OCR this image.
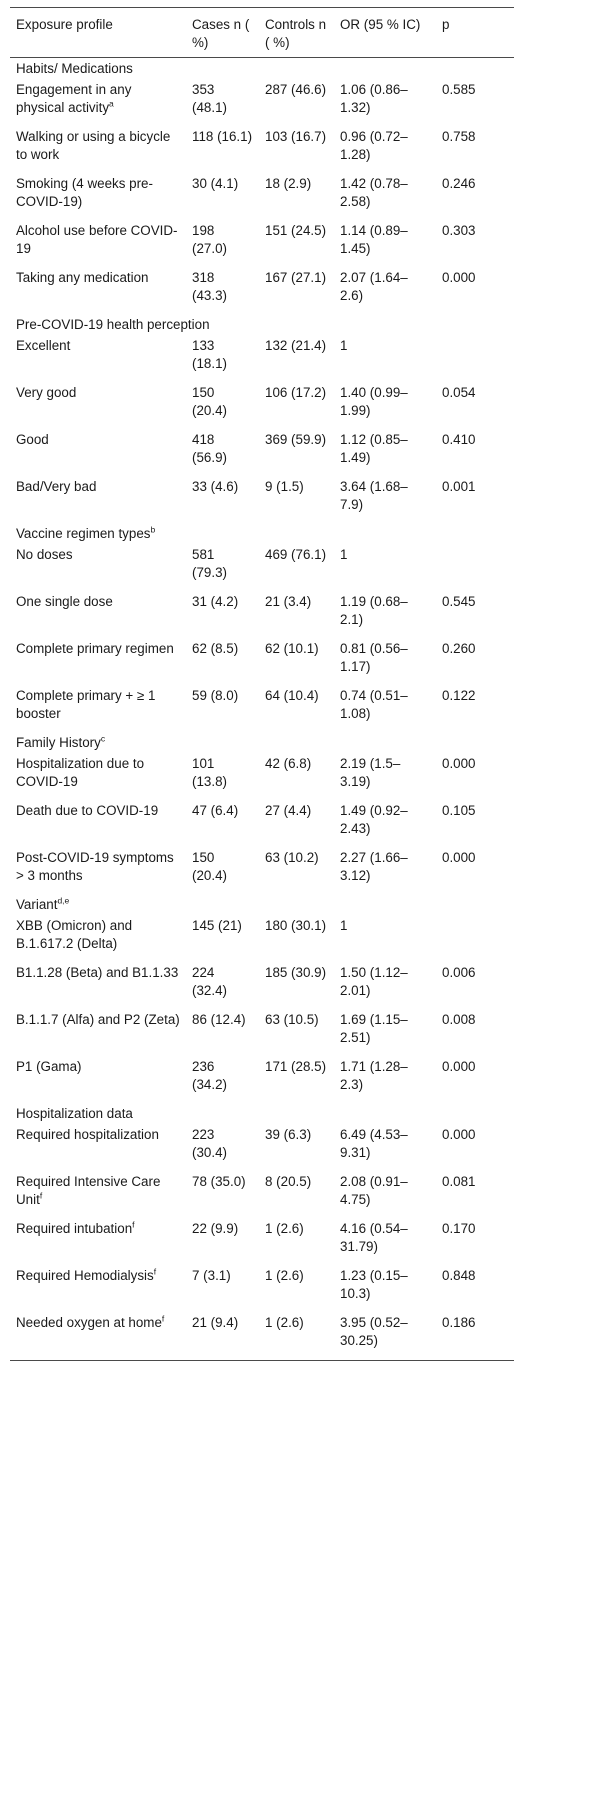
Exposure profile	Cases n ( %)	Controls n ( %)	OR (95 % IC)	p
Habits/ Medications				
Engagement in any physical activity$^a$	353 (48.1)	287 (46.6)	1.06 (0.86–1.32)	0.585
Walking or using a bicycle to work	118 (16.1)	103 (16.7)	0.96 (0.72–1.28)	0.758
Smoking (4 weeks pre-COVID-19)	30 (4.1)	18 (2.9)	1.42 (0.78–2.58)	0.246
Alcohol use before COVID-19	198 (27.0)	151 (24.5)	1.14 (0.89–1.45)	0.303
Taking any medication	318 (43.3)	167 (27.1)	2.07 (1.64–2.6)	0.000
Pre-COVID-19 health perception				
Excellent	133 (18.1)	132 (21.4)	1	
Very good	150 (20.4)	106 (17.2)	1.40 (0.99–1.99)	0.054
Good	418 (56.9)	369 (59.9)	1.12 (0.85–1.49)	0.410
Bad/Very bad	33 (4.6)	9 (1.5)	3.64 (1.68–7.9)	0.001
Vaccine regimen types$^b$
No doses	581 (79.3)	469 (76.1)	1	
One single dose	31 (4.2)	21 (3.4)	1.19 (0.68–2.1)	0.545
Complete primary regimen	62 (8.5)	62 (10.1)	0.81 (0.56–1.17)	0.260
Complete primary + ≥ 1 booster	59 (8.0)	64 (10.4)	0.74 (0.51–1.08)	0.122
Family History$^c$
Hospitalization due to COVID-19	101 (13.8)	42 (6.8)	2.19 (1.5–3.19)	0.000
Death due to COVID-19	47 (6.4)	27 (4.4)	1.49 (0.92–2.43)	0.105
Post-COVID-19 symptoms > 3 months	150 (20.4)	63 (10.2)	2.27 (1.66–3.12)	0.000
Variant$^{d,e}$
XBB (Omicron) and B.1.617.2 (Delta)	145 (21)	180 (30.1)	1	
B1.1.28 (Beta) and B1.1.33	224 (32.4)	185 (30.9)	1.50 (1.12–2.01)	0.006
B.1.1.7 (Alfa) and P2 (Zeta)	86 (12.4)	63 (10.5)	1.69 (1.15–2.51)	0.008
P1 (Gama)	236 (34.2)	171 (28.5)	1.71 (1.28–2.3)	0.000
Hospitalization data				
Required hospitalization	223 (30.4)	39 (6.3)	6.49 (4.53–9.31)	0.000
Required Intensive Care Unit$^f$	78 (35.0)	8 (20.5)	2.08 (0.91–4.75)	0.081
Required intubation$^f$	22 (9.9)	1 (2.6)	4.16 (0.54–31.79)	0.170
Required Hemodialysis$^f$	7 (3.1)	1 (2.6)	1.23 (0.15–10.3)	0.848
Needed oxygen at home$^f$	21 (9.4)	1 (2.6)	3.95 (0.52–30.25)	0.186
